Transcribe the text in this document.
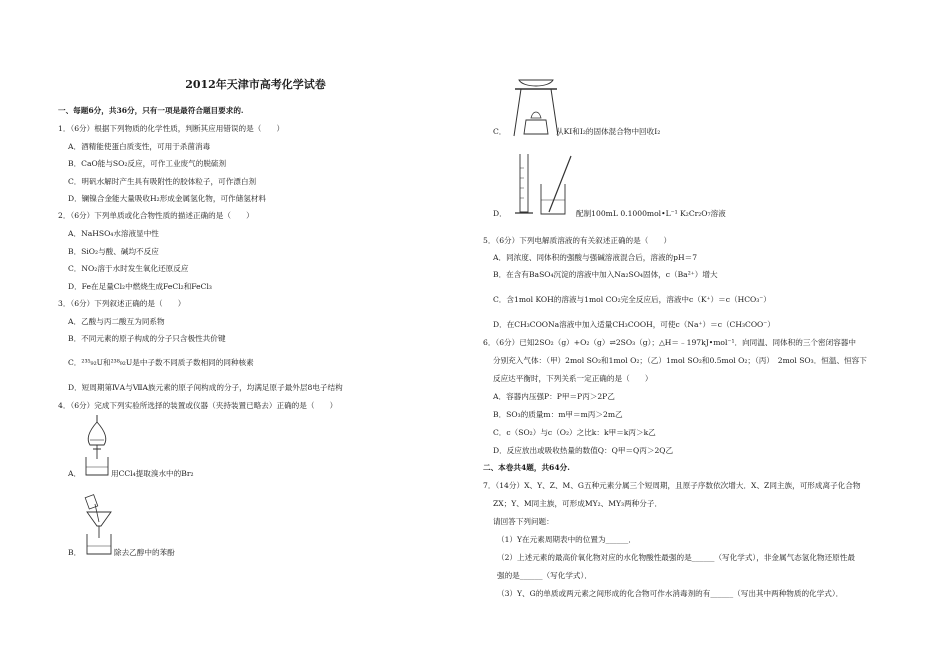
2012年天津市高考化学试卷
一、每题6分，共36分，只有一项是最符合题目要求的.
1．（6分）根据下列物质的化学性质，判断其应用错误的是（　　）
A．酒精能使蛋白质变性，可用于杀菌消毒
B．CaO能与SO₂反应，可作工业废气的脱硫剂
C．明矾水解时产生具有吸附性的胶体粒子，可作漂白剂
D．镧镍合金能大量吸收H₂形成金属氢化物，可作储氢材料
2．（6分）下列单质或化合物性质的描述正确的是（　　）
A．NaHSO₄水溶液显中性
B．SiO₂与酸、碱均不反应
C．NO₂溶于水时发生氧化还原反应
D．Fe在足量Cl₂中燃烧生成FeCl₂和FeCl₃
3．（6分）下列叙述正确的是（　　）
A．乙酸与丙二酸互为同系物
B．不同元素的原子构成的分子只含极性共价键
C．²³⁵₉₂U和²³⁸₉₂U是中子数不同质子数相同的同种核素
D．短周期第ⅣA与ⅦA族元素的原子间构成的分子，均满足原子最外层8电子结构
4．（6分）完成下列实验所选择的装置或仪器（夹持装置已略去）正确的是（　　）
A．	用CCl₄提取溴水中的Br₂
B．	除去乙醇中的苯酚
C．	从KI和I₂的固体混合物中回收I₂
D．	配制100mL 0.1000mol•L⁻¹ K₂Cr₂O₇溶液
5．（6分）下列电解质溶液的有关叙述正确的是（　　）
A．同浓度、同体积的强酸与强碱溶液混合后，溶液的pH＝7
B．在含有BaSO₄沉淀的溶液中加入Na₂SO₄固体，c（Ba²⁺）增大
C．含1mol KOH的溶液与1mol CO₂完全反应后，溶液中c（K⁺）＝c（HCO₃⁻）
D．在CH₃COONa溶液中加入适量CH₃COOH，可使c（Na⁺）＝c（CH₃COO⁻）
6．（6分）已知2SO₂（g）+O₂（g）⇌2SO₃（g）；△H＝﹣197kJ•mol⁻¹．向同温、同体积的三个密闭容器中
分别充入气体：（甲）2mol SO₂和1mol O₂；（乙）1mol SO₂和0.5mol O₂；（丙）　2mol SO₃．恒温、恒容下
反应达平衡时，下列关系一定正确的是（　　）
A．容器内压强P：P甲＝P丙＞2P乙
B．SO₃的质量m：m甲＝m丙＞2m乙
C．c（SO₂）与c（O₂）之比k：k甲＝k丙＞k乙
D．反应放出或吸收热量的数值Q：Q甲＝Q丙＞2Q乙
二、本卷共4题，共64分.
7．（14分）X、Y、Z、M、G五种元素分属三个短周期，且原子序数依次增大．X、Z同主族，可形成离子化合物
ZX；Y、M同主族，可形成MY₂、MY₃两种分子．
请回答下列问题：
（1）Y在元素周期表中的位置为______．
（2）上述元素的最高价氧化物对应的水化物酸性最强的是______（写化学式），非金属气态氢化物还原性最
强的是______（写化学式）．
（3）Y、G的单质或两元素之间形成的化合物可作水消毒剂的有______（写出其中两种物质的化学式）．
